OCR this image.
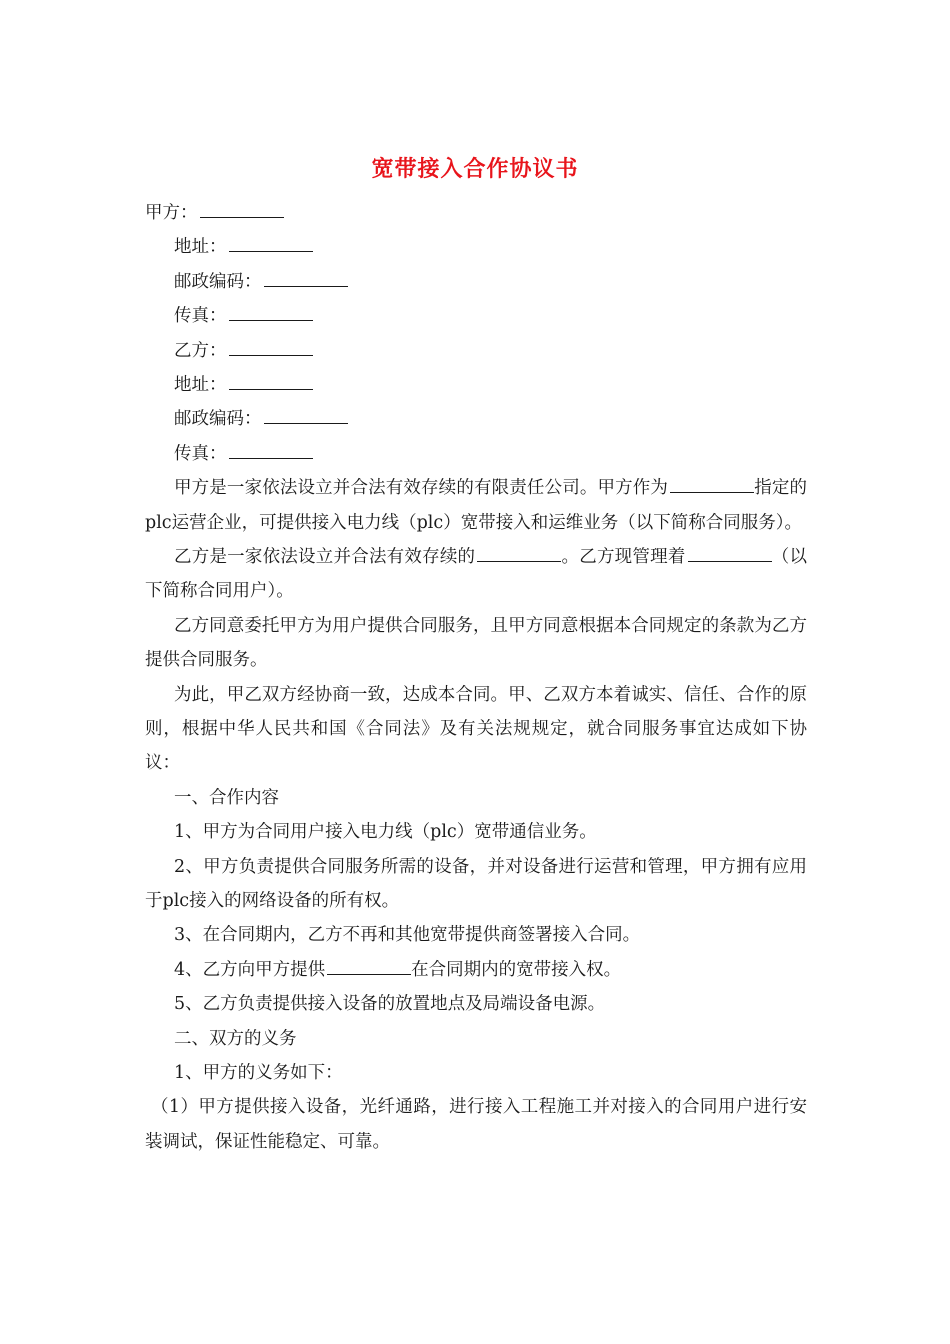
宽带接入合作协议书
甲方：
地址：
邮政编码：
传真：
乙方：
地址：
邮政编码：
传真：
甲方是一家依法设立并合法有效存续的有限责任公司。甲方作为	指定的plc运营企业，可提供接入电力线（plc）宽带接入和运维业务（以下简称合同服务）。
乙方是一家依法设立并合法有效存续的	。乙方现管理着	（以下简称合同用户）。
乙方同意委托甲方为用户提供合同服务，且甲方同意根据本合同规定的条款为乙方提供合同服务。
为此，甲乙双方经协商一致，达成本合同。甲、乙双方本着诚实、信任、合作的原则，根据中华人民共和国《合同法》及有关法规规定，就合同服务事宜达成如下协议：
一、合作内容
1、甲方为合同用户接入电力线（plc）宽带通信业务。
2、甲方负责提供合同服务所需的设备，并对设备进行运营和管理，甲方拥有应用于plc接入的网络设备的所有权。
3、在合同期内，乙方不再和其他宽带提供商签署接入合同。
4、乙方向甲方提供	在合同期内的宽带接入权。
5、乙方负责提供接入设备的放置地点及局端设备电源。
二、双方的义务
1、甲方的义务如下：
（1）甲方提供接入设备，光纤通路，进行接入工程施工并对接入的合同用户进行安装调试，保证性能稳定、可靠。
